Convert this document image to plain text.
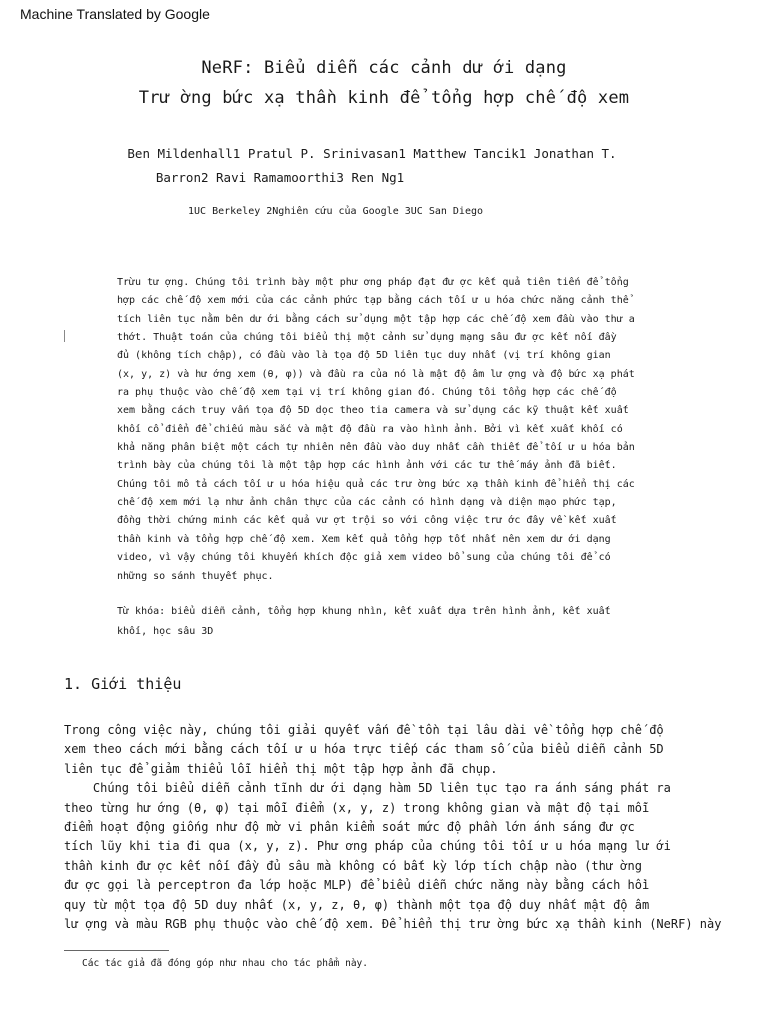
Machine Translated by Google
NeRF: Biểu diễn các cảnh dư ới dạng
Trư ờng bức xạ thần kinh để tổng hợp chế độ xem
Ben Mildenhall1 Pratul P. Srinivasan1 Matthew Tancik1 Jonathan T.
Barron2 Ravi Ramamoorthi3 Ren Ng1
1UC Berkeley 2Nghiên cứu của Google 3UC San Diego
Trừu tư ợng. Chúng tôi trình bày một phư ơng pháp đạt đư ợc kết quả tiên tiến để tổng
hợp các chế độ xem mới của các cảnh phức tạp bằng cách tối ư u hóa chức năng cảnh thể
tích liên tục nằm bên dư ới bằng cách sử dụng một tập hợp các chế độ xem đầu vào thư a
thớt. Thuật toán của chúng tôi biểu thị một cảnh sử dụng mạng sâu đư ợc kết nối đầy
đủ (không tích chập), có đầu vào là tọa độ 5D liên tục duy nhất (vị trí không gian
(x, y, z) và hư ớng xem (θ, φ)) và đầu ra của nó là mật độ âm lư ợng và độ bức xạ phát
ra phụ thuộc vào chế độ xem tại vị trí không gian đó. Chúng tôi tổng hợp các chế độ
xem bằng cách truy vấn tọa độ 5D dọc theo tia camera và sử dụng các kỹ thuật kết xuất
khối cổ điển để chiếu màu sắc và mật độ đầu ra vào hình ảnh. Bởi vì kết xuất khối có
khả năng phân biệt một cách tự nhiên nên đầu vào duy nhất cần thiết để tối ư u hóa bản
trình bày của chúng tôi là một tập hợp các hình ảnh với các tư thế máy ảnh đã biết.
Chúng tôi mô tả cách tối ư u hóa hiệu quả các trư ờng bức xạ thần kinh để hiển thị các
chế độ xem mới lạ như ảnh chân thực của các cảnh có hình dạng và diện mạo phức tạp,
đồng thời chứng minh các kết quả vư ợt trội so với công việc trư ớc đây về kết xuất
thần kinh và tổng hợp chế độ xem. Xem kết quả tổng hợp tốt nhất nên xem dư ới dạng
video, vì vậy chúng tôi khuyến khích độc giả xem video bổ sung của chúng tôi để có
những so sánh thuyết phục.
Từ khóa: biểu diễn cảnh, tổng hợp khung nhìn, kết xuất dựa trên hình ảnh, kết xuất
khối, học sâu 3D
1. Giới thiệu
Trong công việc này, chúng tôi giải quyết vấn đề tồn tại lâu dài về tổng hợp chế độ
xem theo cách mới bằng cách tối ư u hóa trực tiếp các tham số của biểu diễn cảnh 5D
liên tục để giảm thiểu lỗi hiển thị một tập hợp ảnh đã chụp.
Chúng tôi biểu diễn cảnh tĩnh dư ới dạng hàm 5D liên tục tạo ra ánh sáng phát ra
theo từng hư ớng (θ, φ) tại mỗi điểm (x, y, z) trong không gian và mật độ tại mỗi
điểm hoạt động giống như độ mờ vi phân kiểm soát mức độ phần lớn ánh sáng đư ợc
tích lũy khi tia đi qua (x, y, z). Phư ơng pháp của chúng tôi tối ư u hóa mạng lư ới
thần kinh đư ợc kết nối đầy đủ sâu mà không có bất kỳ lớp tích chập nào (thư ờng
đư ợc gọi là perceptron đa lớp hoặc MLP) để biểu diễn chức năng này bằng cách hồi
quy từ một tọa độ 5D duy nhất (x, y, z, θ, φ) thành một tọa độ duy nhất mật độ âm
lư ợng và màu RGB phụ thuộc vào chế độ xem. Để hiển thị trư ờng bức xạ thần kinh (NeRF) này
Các tác giả đã đóng góp như nhau cho tác phẩm này.
